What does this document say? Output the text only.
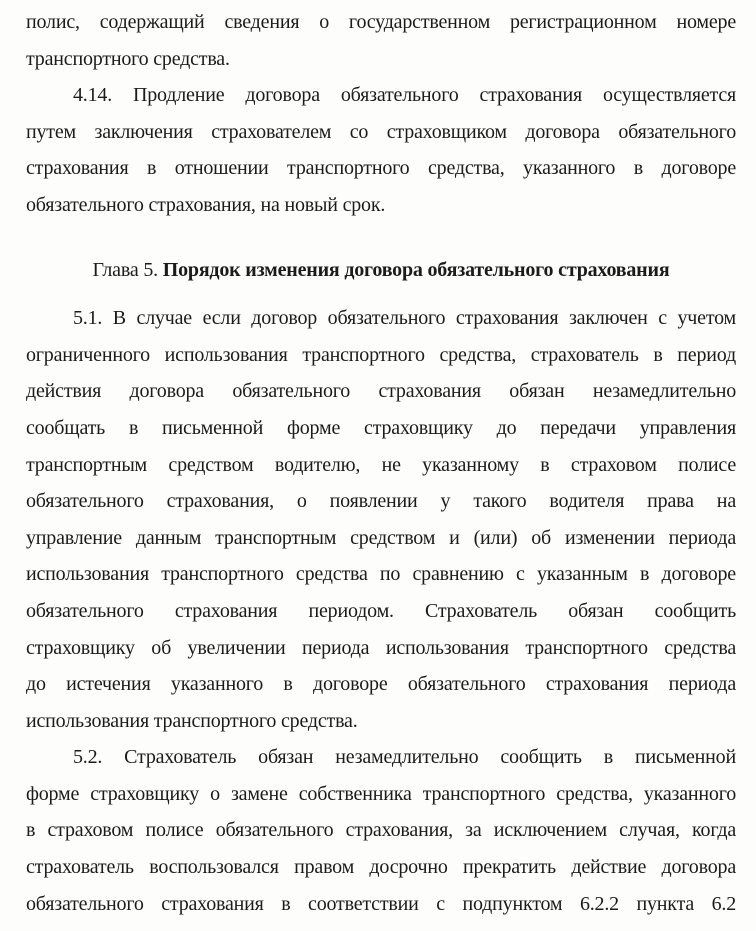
полис, содержащий сведения о государственном регистрационном номере
транспортного средства.
4.14. Продление договора обязательного страхования осуществляется
путем заключения страхователем со страховщиком договора обязательного
страхования в отношении транспортного средства, указанного в договоре
обязательного страхования, на новый срок.
Глава 5. Порядок изменения договора обязательного страхования
5.1. В случае если договор обязательного страхования заключен с учетом
ограниченного использования транспортного средства, страхователь в период
действия договора обязательного страхования обязан незамедлительно
сообщать в письменной форме страховщику до передачи управления
транспортным средством водителю, не указанному в страховом полисе
обязательного страхования, о появлении у такого водителя права на
управление данным транспортным средством и (или) об изменении периода
использования транспортного средства по сравнению с указанным в договоре
обязательного страхования периодом. Страхователь обязан сообщить
страховщику об увеличении периода использования транспортного средства
до истечения указанного в договоре обязательного страхования периода
использования транспортного средства.
5.2. Страхователь обязан незамедлительно сообщить в письменной
форме страховщику о замене собственника транспортного средства, указанного
в страховом полисе обязательного страхования, за исключением случая, когда
страхователь воспользовался правом досрочно прекратить действие договора
обязательного страхования в соответствии с подпунктом 6.2.2 пункта 6.2
